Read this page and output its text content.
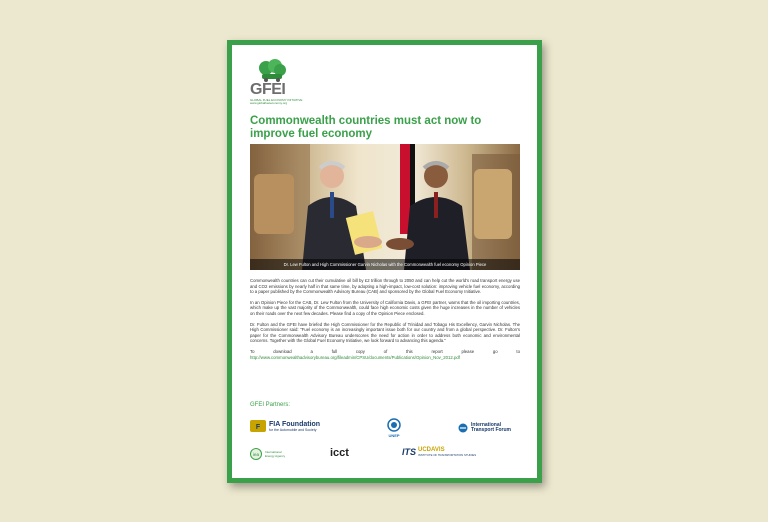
GFEI
GLOBAL FUEL ECONOMY INITIATIVE
www.globalfueleconomy.org
Commonwealth countries must act now to improve fuel economy
Dr. Lew Fulton and High Commissioner Garvin Nicholas with the Commonwealth fuel economy Opinion Piece

Commonwealth countries can cut their cumulative oil bill by £2 trillion through to 2050 and can help cut the world's road transport energy use and CO2 emissions by nearly half in that same time, by adopting a high-impact, low-cost solution: improving vehicle fuel economy, according to a paper published by the Commonwealth Advisory Bureau (CAB) and sponsored by the Global Fuel Economy Initiative.

In an Opinion Piece for the CAB, Dr. Lew Fulton from the University of California Davis, a GFEI partner, warns that the oil importing countries, which make up the vast majority of the Commonwealth, could face high economic costs given the huge increases in the number of vehicles on their roads over the next few decades. Please find a copy of the Opinion Piece enclosed.

Dr. Fulton and the GFEI have briefed the High Commissioner for the Republic of Trinidad and Tobago His Excellency, Garvin Nicholas. The High Commissioner said: "Fuel economy is an increasingly important issue both for our country and from a global perspective. Dr. Fulton's paper for the Commonwealth Advisory Bureau underscores the need for action in order to address both economic and environmental concerns. Together with the Global Fuel Economy Initiative, we look forward to advancing this agenda."

To download a full copy of this report please go to http://www.commonwealthadvisorybureau.org/fileadmin/CPSU/documents/Publications/Opinion_Nov_2012.pdf

GFEI Partners:
F FIA Foundation
for the Automobile and Society
UNEP
International
Transport Forum
iea International Energy Agency	icct	ITS UCDAVIS
INSTITUTE OF TRANSPORTATION STUDIES
